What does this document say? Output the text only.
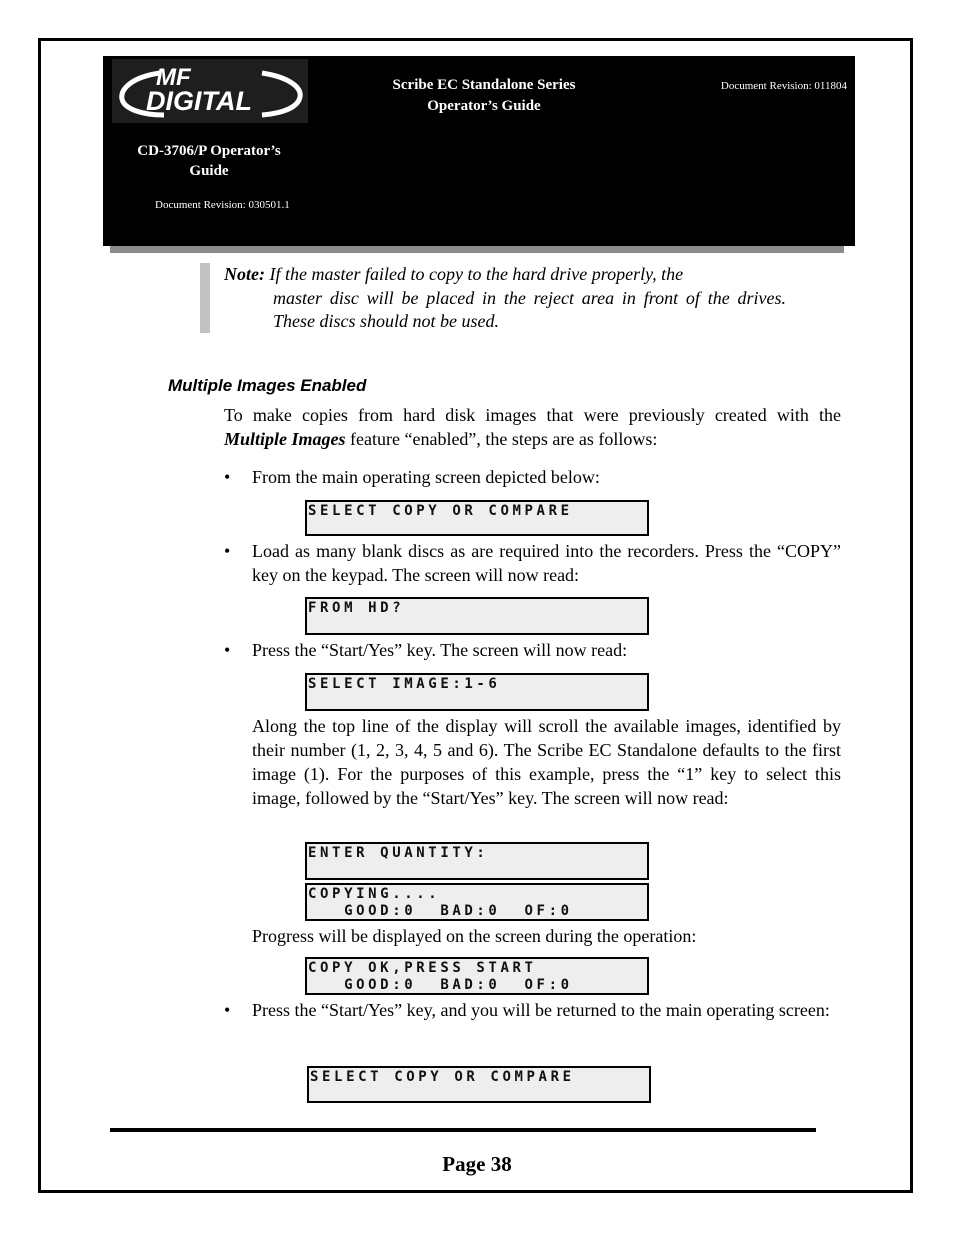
MF
DIGITAL
Scribe EC Standalone Series
Operator’s Guide
Document Revision: 011804
CD-3706/P Operator’s
Guide
Document Revision: 030501.1
Note: If the master failed to copy to the hard drive properly, the
master disc will be placed in the reject area in front of the drives. These discs should not be used.
Multiple Images Enabled
To make copies from hard disk images that were previously created with the Multiple Images feature “enabled”, the steps are as follows:
•	From the main operating screen depicted below:
SELECT COPY OR COMPARE
•	Load as many blank discs as are required into the recorders. Press the “COPY” key on the keypad. The screen will now read:
FROM HD?
•	Press the “Start/Yes” key. The screen will now read:
SELECT IMAGE:1-6
Along the top line of the display will scroll the available images, identified by their number (1, 2, 3, 4, 5 and 6). The Scribe EC Standalone defaults to the first image (1). For the purposes of this example, press the “1” key to select this image, followed by the “Start/Yes” key. The screen will now read:
ENTER QUANTITY:
COPYING....
GOOD:0  BAD:0  OF:0
Progress will be displayed on the screen during the operation:
COPY OK,PRESS START
GOOD:0  BAD:0  OF:0
•	Press the “Start/Yes” key, and you will be returned to the main operating screen:
SELECT COPY OR COMPARE
Page 38
